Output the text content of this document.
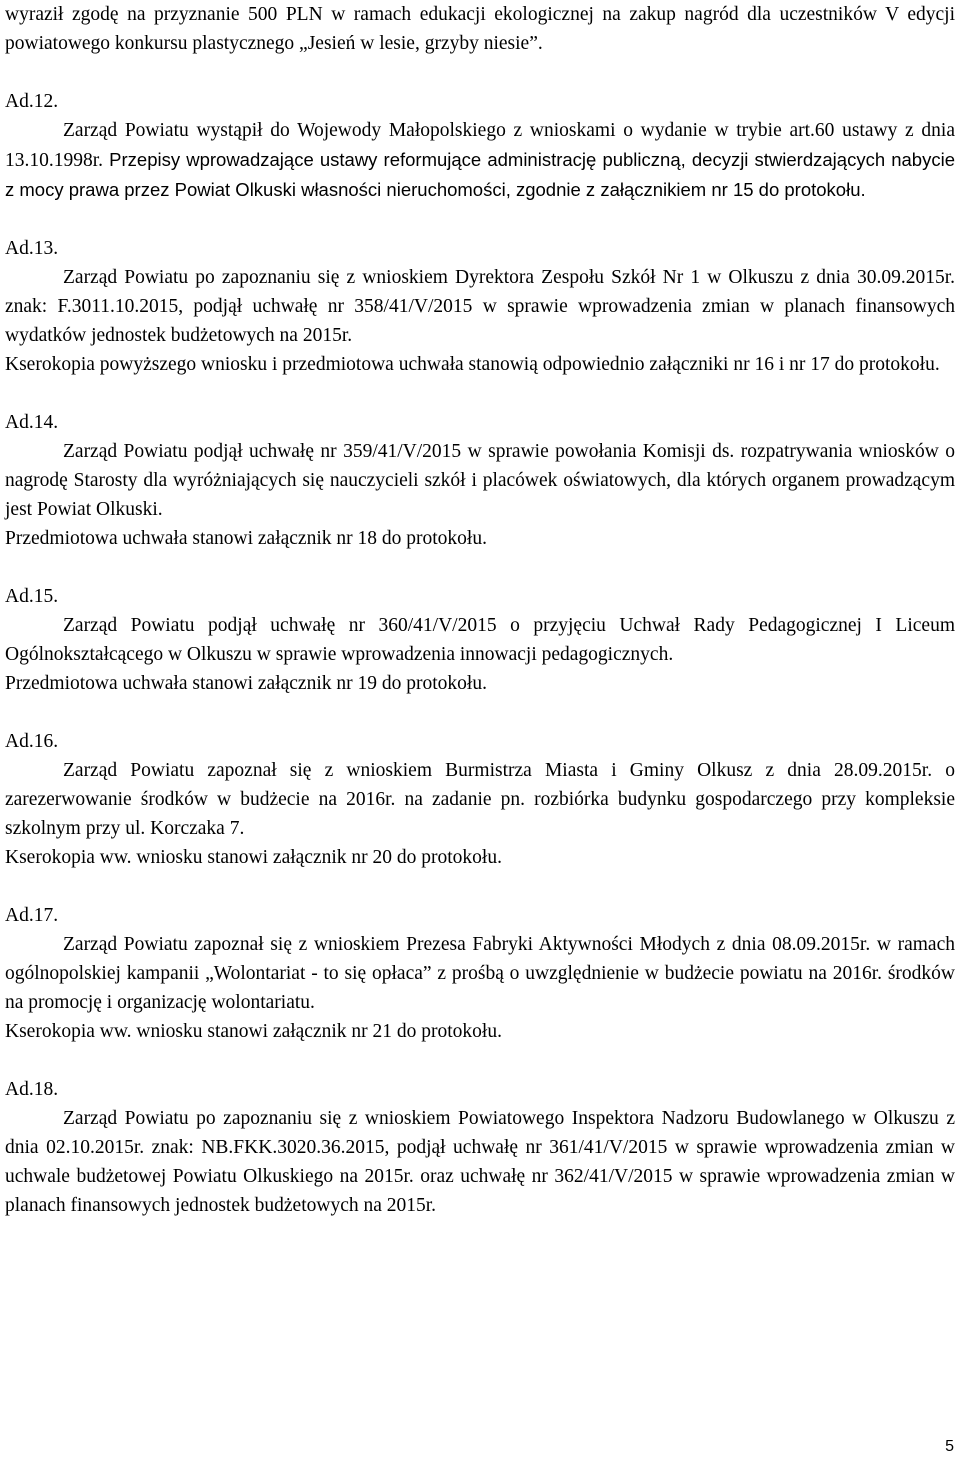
wyraził zgodę na przyznanie 500 PLN w ramach edukacji ekologicznej na zakup nagród dla uczestników V edycji powiatowego konkursu plastycznego „Jesień w lesie, grzyby niesie”.

Ad.12.

Zarząd Powiatu wystąpił do Wojewody Małopolskiego z wnioskami o wydanie w trybie art.60 ustawy z dnia 13.10.1998r. Przepisy wprowadzające ustawy reformujące administrację publiczną, decyzji stwierdzających nabycie z mocy prawa przez Powiat Olkuski własności nieruchomości, zgodnie z załącznikiem nr 15 do protokołu.

Ad.13.

Zarząd Powiatu po zapoznaniu się z wnioskiem Dyrektora Zespołu Szkół Nr 1 w Olkuszu z dnia 30.09.2015r. znak: F.3011.10.2015, podjął uchwałę nr 358/41/V/2015 w sprawie wprowadzenia zmian w planach finansowych wydatków jednostek budżetowych na 2015r.

Kserokopia powyższego wniosku i przedmiotowa uchwała stanowią odpowiednio załączniki nr 16 i nr 17 do protokołu.

Ad.14.

Zarząd Powiatu podjął uchwałę nr 359/41/V/2015 w sprawie powołania Komisji ds. rozpatrywania wniosków o nagrodę Starosty dla wyróżniających się nauczycieli szkół i placówek oświatowych, dla których organem prowadzącym jest Powiat Olkuski.

Przedmiotowa uchwała stanowi załącznik nr 18 do protokołu.

Ad.15.

Zarząd Powiatu podjął uchwałę nr 360/41/V/2015 o przyjęciu Uchwał Rady Pedagogicznej I Liceum Ogólnokształcącego w Olkuszu w sprawie wprowadzenia innowacji pedagogicznych.

Przedmiotowa uchwała stanowi załącznik nr 19 do protokołu.

Ad.16.

Zarząd Powiatu zapoznał się z wnioskiem Burmistrza Miasta i Gminy Olkusz z dnia 28.09.2015r. o zarezerwowanie środków w budżecie na 2016r. na zadanie pn. rozbiórka budynku gospodarczego przy kompleksie szkolnym przy ul. Korczaka 7.

Kserokopia ww. wniosku stanowi załącznik nr 20 do protokołu.

Ad.17.

Zarząd Powiatu zapoznał się z wnioskiem Prezesa Fabryki Aktywności Młodych z dnia 08.09.2015r. w ramach ogólnopolskiej kampanii „Wolontariat - to się opłaca” z prośbą o uwzględnienie w budżecie powiatu na 2016r. środków na promocję i organizację wolontariatu.

Kserokopia ww. wniosku stanowi załącznik nr 21 do protokołu.

Ad.18.

Zarząd Powiatu po zapoznaniu się z wnioskiem Powiatowego Inspektora Nadzoru Budowlanego w Olkuszu z dnia 02.10.2015r. znak: NB.FKK.3020.36.2015, podjął uchwałę nr 361/41/V/2015 w sprawie wprowadzenia zmian w uchwale budżetowej Powiatu Olkuskiego na 2015r. oraz uchwałę nr 362/41/V/2015 w sprawie wprowadzenia zmian w planach finansowych jednostek budżetowych na 2015r.

5
